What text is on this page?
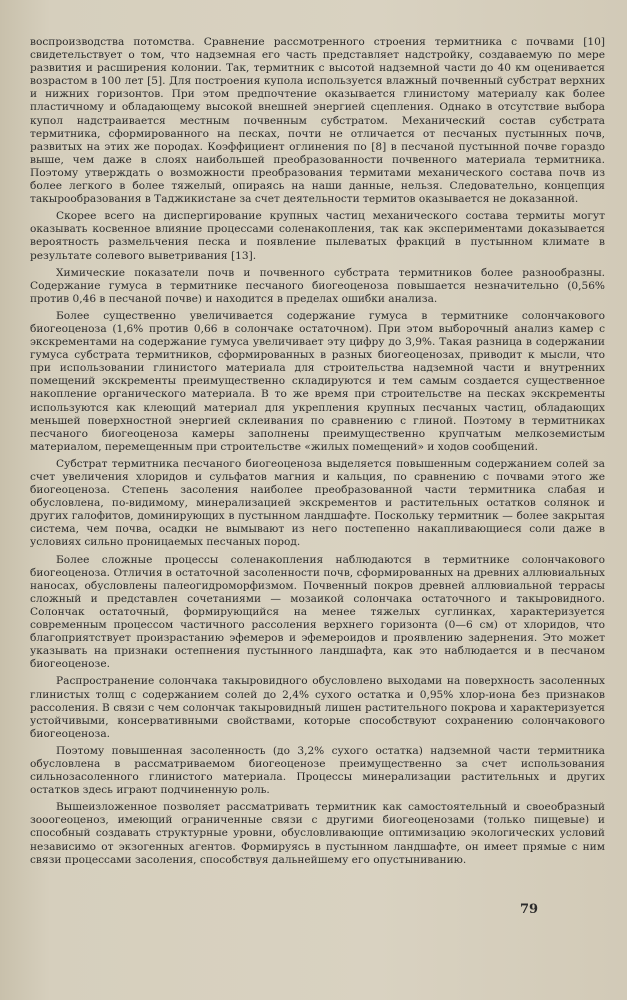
воспроизводства потомства. Сравнение рассмотренного строения термитника с почвами [10] свидетельствует о том, что надземная его часть представляет надстройку, создаваемую по мере развития и расширения колонии. Так, термитник с высотой надземной части до 40 км оценивается возрастом в 100 лет [5]. Для построения купола используется влажный почвенный субстрат верхних и нижних горизонтов. При этом предпочтение оказывается глинистому материалу как более пластичному и обладающему высокой внешней энергией сцепления. Однако в отсутствие выбора купол надстраивается местным почвенным субстратом. Механический состав субстрата термитника, сформированного на песках, почти не отличается от песчаных пустынных почв, развитых на этих же породах. Коэффициент оглинения по [8] в песчаной пустынной почве гораздо выше, чем даже в слоях наибольшей преобразованности почвенного материала термитника. Поэтому утверждать о возможности преобразования термитами механического состава почв из более легкого в более тяжелый, опираясь на наши данные, нельзя. Следовательно, концепция такырообразования в Таджикистане за счет деятельности термитов оказывается не доказанной.

Скорее всего на диспергирование крупных частиц механического состава термиты могут оказывать косвенное влияние процессами соленакопления, так как экспериментами доказывается вероятность размельчения песка и появление пылеватых фракций в пустынном климате в результате солевого выветривания [13].

Химические показатели почв и почвенного субстрата термитников более разнообразны. Содержание гумуса в термитнике песчаного биогеоценоза повышается незначительно (0,56% против 0,46 в песчаной почве) и находится в пределах ошибки анализа.

Более существенно увеличивается содержание гумуса в термитнике солончакового биогеоценоза (1,6% против 0,66 в солончаке остаточном). При этом выборочный анализ камер с экскрементами на содержание гумуса увеличивает эту цифру до 3,9%. Такая разница в содержании гумуса субстрата термитников, сформированных в разных биогеоценозах, приводит к мысли, что при использовании глинистого материала для строительства надземной части и внутренних помещений экскременты преимущественно складируются и тем самым создается существенное накопление органического материала. В то же время при строительстве на песках экскременты используются как клеющий материал для укрепления крупных песчаных частиц, обладающих меньшей поверхностной энергией склеивания по сравнению с глиной. Поэтому в термитниках песчаного биогеоценоза камеры заполнены преимущественно крупчатым мелкоземистым материалом, перемещенным при строительстве «жилых помещений» и ходов сообщений.

Субстрат термитника песчаного биогеоценоза выделяется повышенным содержанием солей за счет увеличения хлоридов и сульфатов магния и кальция, по сравнению с почвами этого же биогеоценоза. Степень засоления наиболее преобразованной части термитника слабая и обусловлена, по-видимому, минерализацией экскрементов и растительных остатков солянок и других галофитов, доминирующих в пустынном ландшафте. Поскольку термитник — более закрытая система, чем почва, осадки не вымывают из него постепенно накапливающиеся соли даже в условиях сильно проницаемых песчаных пород.

Более сложные процессы соленакопления наблюдаются в термитнике солончакового биогеоценоза. Отличия в остаточной засоленности почв, сформированных на древних аллювиальных наносах, обусловлены палеогидроморфизмом. Почвенный покров древней аллювиальной террасы сложный и представлен сочетаниями — мозаикой солончака остаточного и такыровидного. Солончак остаточный, формирующийся на менее тяжелых суглинках, характеризуется современным процессом частичного рассоления верхнего горизонта (0—6 см) от хлоридов, что благоприятствует произрастанию эфемеров и эфемероидов и проявлению задернения. Это может указывать на признаки остепнения пустынного ландшафта, как это наблюдается и в песчаном биогеоценозе.

Распространение солончака такыровидного обусловлено выходами на поверхность засоленных глинистых толщ с содержанием солей до 2,4% сухого остатка и 0,95% хлор-иона без признаков рассоления. В связи с чем солончак такыровидный лишен растительного покрова и характеризуется устойчивыми, консервативными свойствами, которые способствуют сохранению солончакового биогеоценоза.

Поэтому повышенная засоленность (до 3,2% сухого остатка) надземной части термитника обусловлена в рассматриваемом биогеоценозе преимущественно за счет использования сильнозасоленного глинистого материала. Процессы минерализации растительных и других остатков здесь играют подчиненную роль.

Вышеизложенное позволяет рассматривать термитник как самостоятельный и своеобразный зооогеоценоз, имеющий ограниченные связи с другими биогеоценозами (только пищевые) и способный создавать структурные уровни, обусловливающие оптимизацию экологических условий независимо от экзогенных агентов. Формируясь в пустынном ландшафте, он имеет прямые с ним связи процессами засоления, способствуя дальнейшему его опустыниванию.

79
